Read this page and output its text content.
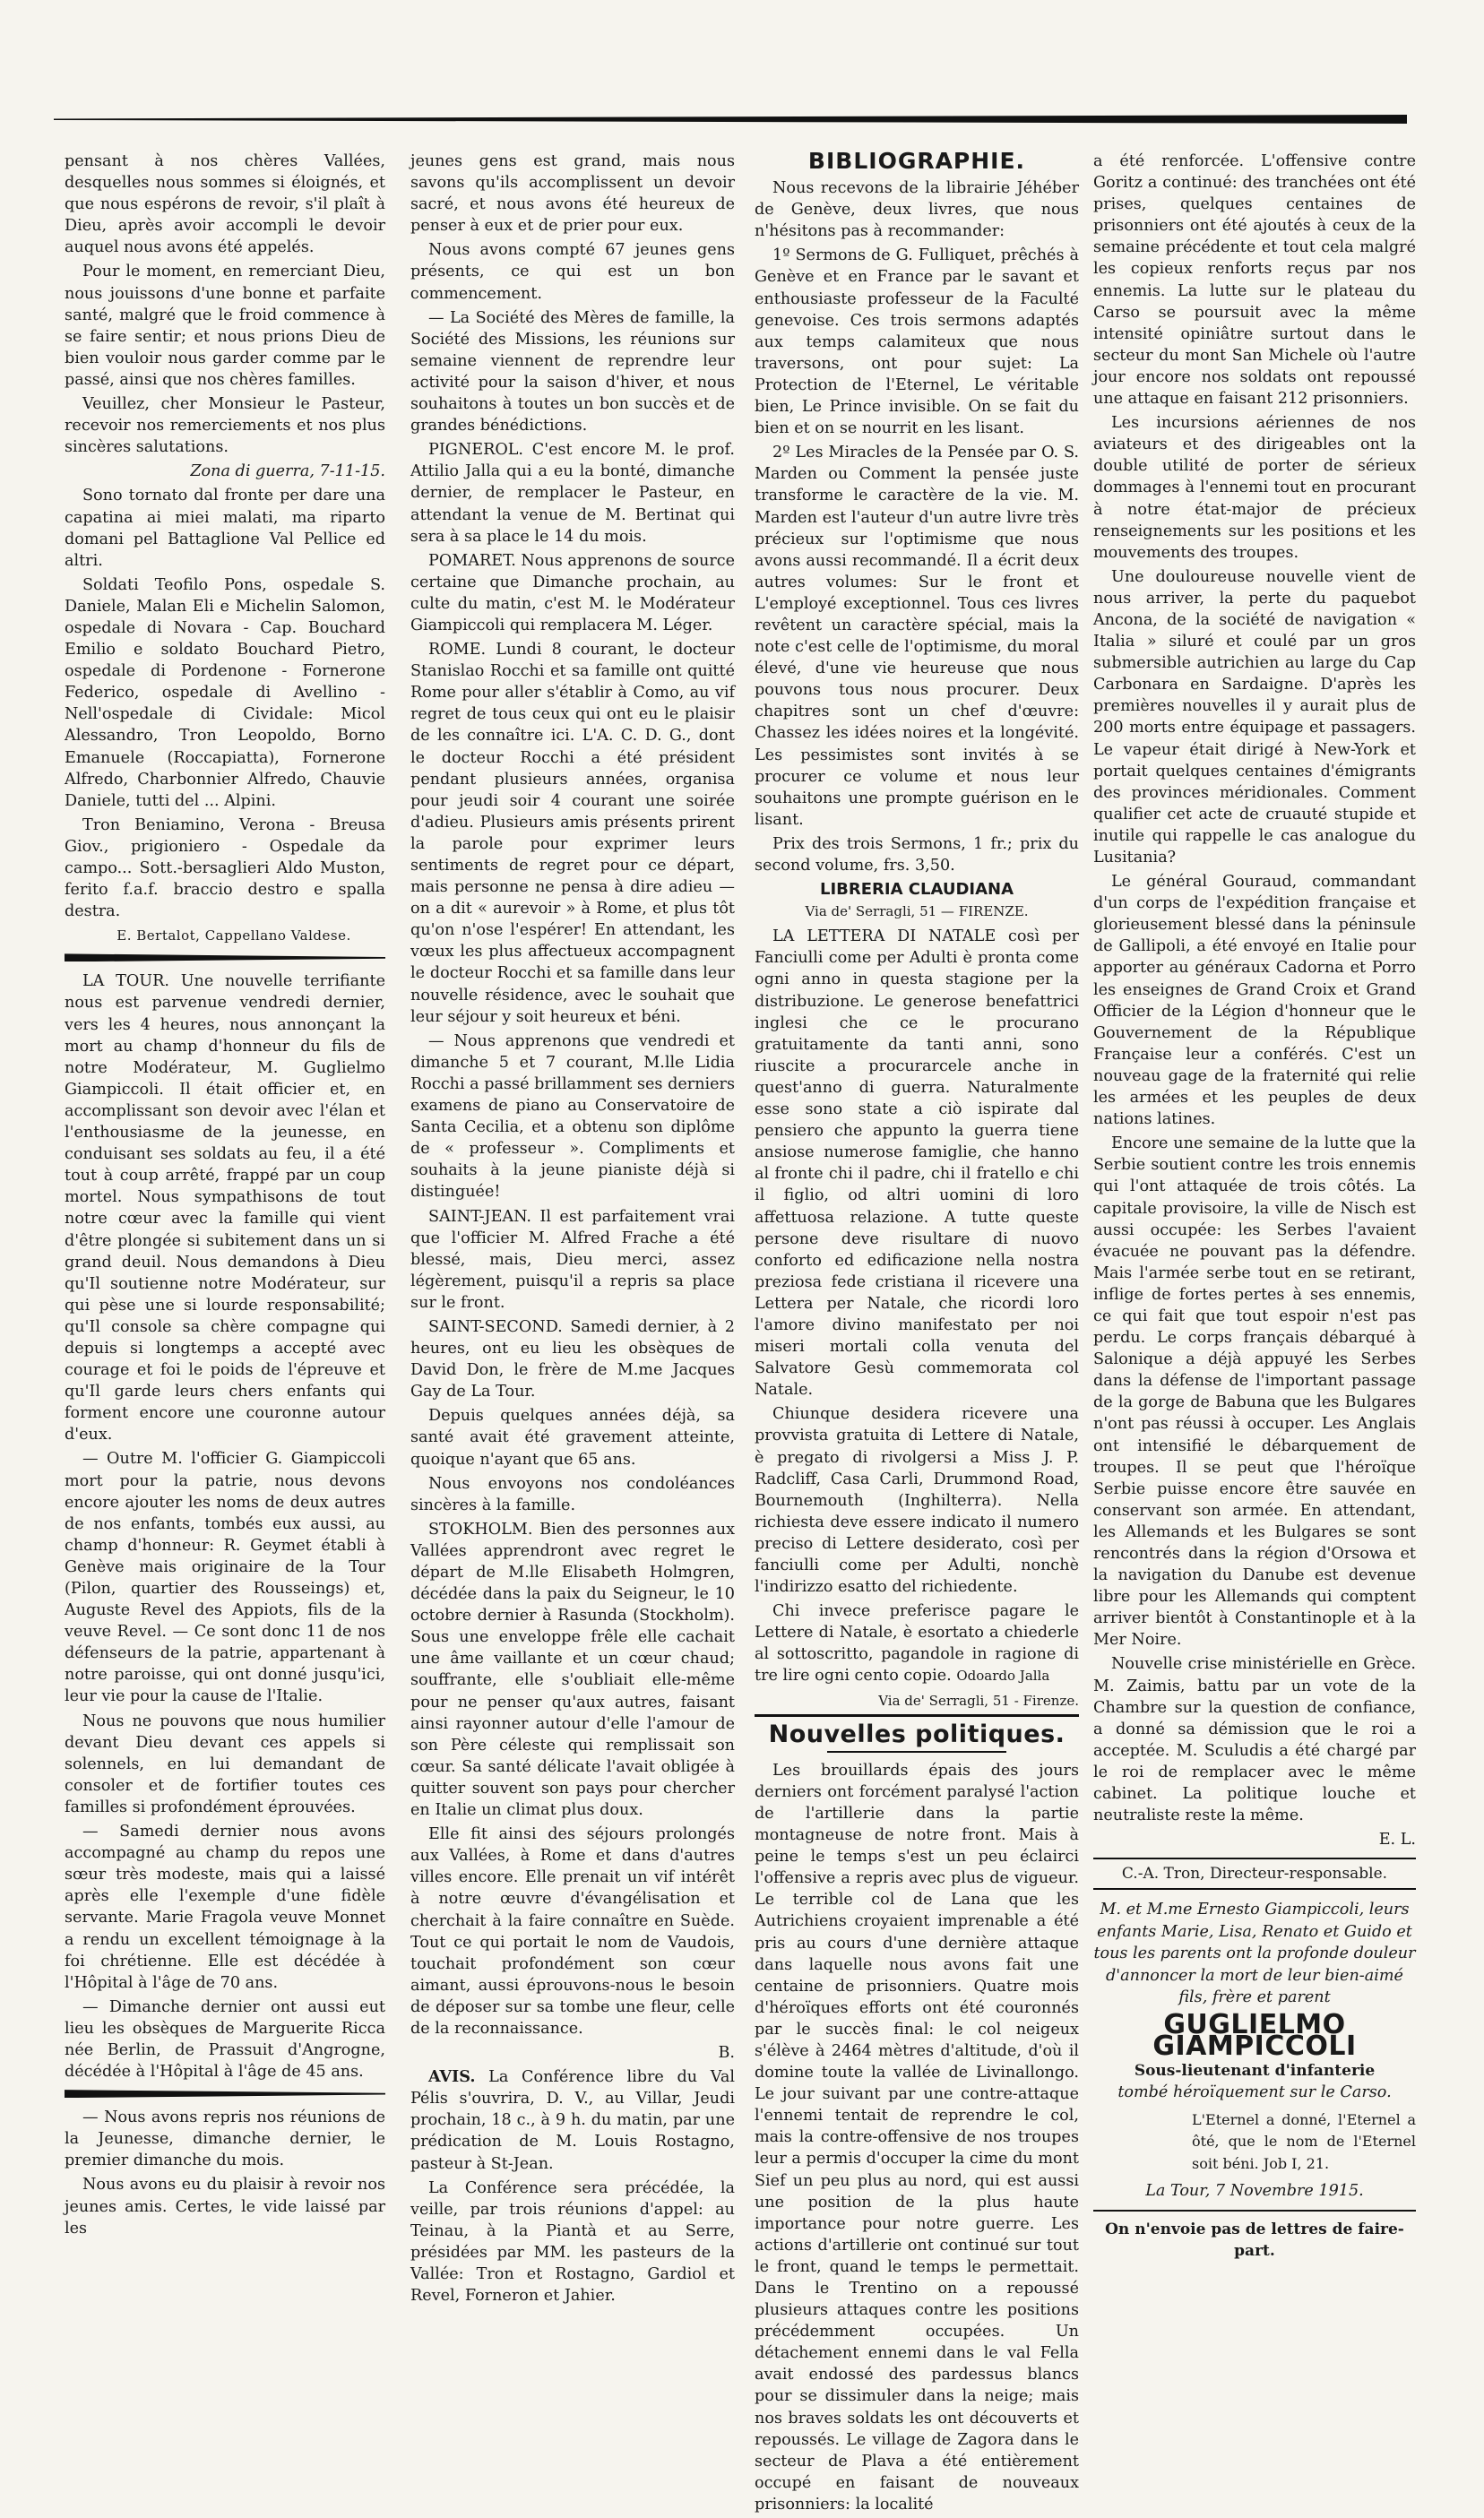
pensant à nos chères Vallées, desquelles nous sommes si éloignés, et que nous espérons de revoir, s'il plaît à Dieu, après avoir accompli le devoir auquel nous avons été appelés.

Pour le moment, en remerciant Dieu, nous jouissons d'une bonne et parfaite santé, malgré que le froid commence à se faire sentir; et nous prions Dieu de bien vouloir nous garder comme par le passé, ainsi que nos chères familles.

Veuillez, cher Monsieur le Pasteur, recevoir nos remerciements et nos plus sincères salutations.

Zona di guerra, 7-11-15.

Sono tornato dal fronte per dare una capatina ai miei malati, ma riparto domani pel Battaglione Val Pellice ed altri.

Soldati Teofilo Pons, ospedale S. Daniele, Malan Eli e Michelin Salomon, ospedale di Novara - Cap. Bouchard Emilio e soldato Bouchard Pietro, ospedale di Pordenone - Fornerone Federico, ospedale di Avellino - Nell'ospedale di Cividale: Micol Alessandro, Tron Leopoldo, Borno Emanuele (Roccapiatta), Fornerone Alfredo, Charbonnier Alfredo, Chauvie Daniele, tutti del ... Alpini.

Tron Beniamino, Verona - Breusa Giov., prigioniero - Ospedale da campo... Sott.-bersaglieri Aldo Muston, ferito f.a.f. braccio destro e spalla destra.

E. Bertalot, Cappellano Valdese.

LA TOUR. Une nouvelle terrifiante nous est parvenue vendredi dernier, vers les 4 heures, nous annonçant la mort au champ d'honneur du fils de notre Modérateur, M. Guglielmo Giampiccoli. Il était officier et, en accomplissant son devoir avec l'élan et l'enthousiasme de la jeunesse, en conduisant ses soldats au feu, il a été tout à coup arrêté, frappé par un coup mortel. Nous sympathisons de tout notre cœur avec la famille qui vient d'être plongée si subitement dans un si grand deuil. Nous demandons à Dieu qu'Il soutienne notre Modérateur, sur qui pèse une si lourde responsabilité; qu'Il console sa chère compagne qui depuis si longtemps a accepté avec courage et foi le poids de l'épreuve et qu'Il garde leurs chers enfants qui forment encore une couronne autour d'eux.

— Outre M. l'officier G. Giampiccoli mort pour la patrie, nous devons encore ajouter les noms de deux autres de nos enfants, tombés eux aussi, au champ d'honneur: R. Geymet établi à Genève mais originaire de la Tour (Pilon, quartier des Rousseings) et, Auguste Revel des Appiots, fils de la veuve Revel. — Ce sont donc 11 de nos défenseurs de la patrie, appartenant à notre paroisse, qui ont donné jusqu'ici, leur vie pour la cause de l'Italie.

Nous ne pouvons que nous humilier devant Dieu devant ces appels si solennels, en lui demandant de consoler et de fortifier toutes ces familles si profondément éprouvées.

— Samedi dernier nous avons accompagné au champ du repos une sœur très modeste, mais qui a laissé après elle l'exemple d'une fidèle servante. Marie Fragola veuve Monnet a rendu un excellent témoignage à la foi chrétienne. Elle est décédée à l'Hôpital à l'âge de 70 ans.

— Dimanche dernier ont aussi eut lieu les obsèques de Marguerite Ricca née Berlin, de Prassuit d'Angrogne, décédée à l'Hôpital à l'âge de 45 ans.

— Nous avons repris nos réunions de la Jeunesse, dimanche dernier, le premier dimanche du mois.

Nous avons eu du plaisir à revoir nos jeunes amis. Certes, le vide laissé par les

jeunes gens est grand, mais nous savons qu'ils accomplissent un devoir sacré, et nous avons été heureux de penser à eux et de prier pour eux.

Nous avons compté 67 jeunes gens présents, ce qui est un bon commencement.

— La Société des Mères de famille, la Société des Missions, les réunions sur semaine viennent de reprendre leur activité pour la saison d'hiver, et nous souhaitons à toutes un bon succès et de grandes bénédictions.

PIGNEROL. C'est encore M. le prof. Attilio Jalla qui a eu la bonté, dimanche dernier, de remplacer le Pasteur, en attendant la venue de M. Bertinat qui sera à sa place le 14 du mois.

POMARET. Nous apprenons de source certaine que Dimanche prochain, au culte du matin, c'est M. le Modérateur Giampiccoli qui remplacera M. Léger.

ROME. Lundi 8 courant, le docteur Stanislao Rocchi et sa famille ont quitté Rome pour aller s'établir à Como, au vif regret de tous ceux qui ont eu le plaisir de les connaître ici. L'A. C. D. G., dont le docteur Rocchi a été président pendant plusieurs années, organisa pour jeudi soir 4 courant une soirée d'adieu. Plusieurs amis présents prirent la parole pour exprimer leurs sentiments de regret pour ce départ, mais personne ne pensa à dire adieu — on a dit « aurevoir » à Rome, et plus tôt qu'on n'ose l'espérer! En attendant, les vœux les plus affectueux accompagnent le docteur Rocchi et sa famille dans leur nouvelle résidence, avec le souhait que leur séjour y soit heureux et béni.

— Nous apprenons que vendredi et dimanche 5 et 7 courant, M.lle Lidia Rocchi a passé brillamment ses derniers examens de piano au Conservatoire de Santa Cecilia, et a obtenu son diplôme de « professeur ». Compliments et souhaits à la jeune pianiste déjà si distinguée!

SAINT-JEAN. Il est parfaitement vrai que l'officier M. Alfred Frache a été blessé, mais, Dieu merci, assez légèrement, puisqu'il a repris sa place sur le front.

SAINT-SECOND. Samedi dernier, à 2 heures, ont eu lieu les obsèques de David Don, le frère de M.me Jacques Gay de La Tour.

Depuis quelques années déjà, sa santé avait été gravement atteinte, quoique n'ayant que 65 ans.

Nous envoyons nos condoléances sincères à la famille.

STOKHOLM. Bien des personnes aux Vallées apprendront avec regret le départ de M.lle Elisabeth Holmgren, décédée dans la paix du Seigneur, le 10 octobre dernier à Rasunda (Stockholm). Sous une enveloppe frêle elle cachait une âme vaillante et un cœur chaud; souffrante, elle s'oubliait elle-même pour ne penser qu'aux autres, faisant ainsi rayonner autour d'elle l'amour de son Père céleste qui remplissait son cœur. Sa santé délicate l'avait obligée à quitter souvent son pays pour chercher en Italie un climat plus doux.

Elle fit ainsi des séjours prolongés aux Vallées, à Rome et dans d'autres villes encore. Elle prenait un vif intérêt à notre œuvre d'évangélisation et cherchait à la faire connaître en Suède. Tout ce qui portait le nom de Vaudois, touchait profondément son cœur aimant, aussi éprouvons-nous le besoin de déposer sur sa tombe une fleur, celle de la reconnaissance.

B.

AVIS. La Conférence libre du Val Pélis s'ouvrira, D. V., au Villar, Jeudi prochain, 18 c., à 9 h. du matin, par une prédication de M. Louis Rostagno, pasteur à St-Jean.

La Conférence sera précédée, la veille, par trois réunions d'appel: au Teinau, à la Piantà et au Serre, présidées par MM. les pasteurs de la Vallée: Tron et Rostagno, Gardiol et Revel, Forneron et Jahier.

BIBLIOGRAPHIE.

Nous recevons de la librairie Jéhéber de Genève, deux livres, que nous n'hésitons pas à recommander:

1º Sermons de G. Fulliquet, prêchés à Genève et en France par le savant et enthousiaste professeur de la Faculté genevoise. Ces trois sermons adaptés aux temps calamiteux que nous traversons, ont pour sujet: La Protection de l'Eternel, Le véritable bien, Le Prince invisible. On se fait du bien et on se nourrit en les lisant.

2º Les Miracles de la Pensée par O. S. Marden ou Comment la pensée juste transforme le caractère de la vie. M. Marden est l'auteur d'un autre livre très précieux sur l'optimisme que nous avons aussi recommandé. Il a écrit deux autres volumes: Sur le front et L'employé exceptionnel. Tous ces livres revêtent un caractère spécial, mais la note c'est celle de l'optimisme, du moral élevé, d'une vie heureuse que nous pouvons tous nous procurer. Deux chapitres sont un chef d'œuvre: Chassez les idées noires et la longévité. Les pessimistes sont invités à se procurer ce volume et nous leur souhaitons une prompte guérison en le lisant.

Prix des trois Sermons, 1 fr.; prix du second volume, frs. 3,50.

LIBRERIA CLAUDIANA
Via de' Serragli, 51 — FIRENZE.

LA LETTERA DI NATALE così per Fanciulli come per Adulti è pronta come ogni anno in questa stagione per la distribuzione. Le generose benefattrici inglesi che ce le procurano gratuitamente da tanti anni, sono riuscite a procurarcele anche in quest'anno di guerra. Naturalmente esse sono state a ciò ispirate dal pensiero che appunto la guerra tiene ansiose numerose famiglie, che hanno al fronte chi il padre, chi il fratello e chi il figlio, od altri uomini di loro affettuosa relazione. A tutte queste persone deve risultare di nuovo conforto ed edificazione nella nostra preziosa fede cristiana il ricevere una Lettera per Natale, che ricordi loro l'amore divino manifestato per noi miseri mortali colla venuta del Salvatore Gesù commemorata col Natale.

Chiunque desidera ricevere una provvista gratuita di Lettere di Natale, è pregato di rivolgersi a Miss J. P. Radcliff, Casa Carli, Drummond Road, Bournemouth (Inghilterra). Nella richiesta deve essere indicato il numero preciso di Lettere desiderato, così per fanciulli come per Adulti, nonchè l'indirizzo esatto del richiedente.

Chi invece preferisce pagare le Lettere di Natale, è esortato a chiederle al sottoscritto, pagandole in ragione di tre lire ogni cento copie. Odoardo Jalla

Via de' Serragli, 51 - Firenze.

Nouvelles politiques.

Les brouillards épais des jours derniers ont forcément paralysé l'action de l'artillerie dans la partie montagneuse de notre front. Mais à peine le temps s'est un peu éclairci l'offensive a repris avec plus de vigueur. Le terrible col de Lana que les Autrichiens croyaient imprenable a été pris au cours d'une dernière attaque dans laquelle nous avons fait une centaine de prisonniers. Quatre mois d'héroïques efforts ont été couronnés par le succès final: le col neigeux s'élève à 2464 mètres d'altitude, d'où il domine toute la vallée de Livinallongo. Le jour suivant par une contre-attaque l'ennemi tentait de reprendre le col, mais la contre-offensive de nos troupes leur a permis d'occuper la cime du mont Sief un peu plus au nord, qui est aussi une position de la plus haute importance pour notre guerre. Les actions d'artillerie ont continué sur tout le front, quand le temps le permettait. Dans le Trentino on a repoussé plusieurs attaques contre les positions précédemment occupées. Un détachement ennemi dans le val Fella avait endossé des pardessus blancs pour se dissimuler dans la neige; mais nos braves soldats les ont découverts et repoussés. Le village de Zagora dans le secteur de Plava a été entièrement occupé en faisant de nouveaux prisonniers: la localité

a été renforcée. L'offensive contre Goritz a continué: des tranchées ont été prises, quelques centaines de prisonniers ont été ajoutés à ceux de la semaine précédente et tout cela malgré les copieux renforts reçus par nos ennemis. La lutte sur le plateau du Carso se poursuit avec la même intensité opiniâtre surtout dans le secteur du mont San Michele où l'autre jour encore nos soldats ont repoussé une attaque en faisant 212 prisonniers.

Les incursions aériennes de nos aviateurs et des dirigeables ont la double utilité de porter de sérieux dommages à l'ennemi tout en procurant à notre état-major de précieux renseignements sur les positions et les mouvements des troupes.

Une douloureuse nouvelle vient de nous arriver, la perte du paquebot Ancona, de la société de navigation « Italia » siluré et coulé par un gros submersible autrichien au large du Cap Carbonara en Sardaigne. D'après les premières nouvelles il y aurait plus de 200 morts entre équipage et passagers. Le vapeur était dirigé à New-York et portait quelques centaines d'émigrants des provinces méridionales. Comment qualifier cet acte de cruauté stupide et inutile qui rappelle le cas analogue du Lusitania?

Le général Gouraud, commandant d'un corps de l'expédition française et glorieusement blessé dans la péninsule de Gallipoli, a été envoyé en Italie pour apporter au généraux Cadorna et Porro les enseignes de Grand Croix et Grand Officier de la Légion d'honneur que le Gouvernement de la République Française leur a conférés. C'est un nouveau gage de la fraternité qui relie les armées et les peuples de deux nations latines.

Encore une semaine de la lutte que la Serbie soutient contre les trois ennemis qui l'ont attaquée de trois côtés. La capitale provisoire, la ville de Nisch est aussi occupée: les Serbes l'avaient évacuée ne pouvant pas la défendre. Mais l'armée serbe tout en se retirant, inflige de fortes pertes à ses ennemis, ce qui fait que tout espoir n'est pas perdu. Le corps français débarqué à Salonique a déjà appuyé les Serbes dans la défense de l'important passage de la gorge de Babuna que les Bulgares n'ont pas réussi à occuper. Les Anglais ont intensifié le débarquement de troupes. Il se peut que l'héroïque Serbie puisse encore être sauvée en conservant son armée. En attendant, les Allemands et les Bulgares se sont rencontrés dans la région d'Orsowa et la navigation du Danube est devenue libre pour les Allemands qui comptent arriver bientôt à Constantinople et à la Mer Noire.

Nouvelle crise ministérielle en Grèce. M. Zaimis, battu par un vote de la Chambre sur la question de confiance, a donné sa démission que le roi a acceptée. M. Sculudis a été chargé par le roi de remplacer avec le même cabinet. La politique louche et neutraliste reste la même.

E. L.

C.-A. Tron, Directeur-responsable.
M. et M.me Ernesto Giampiccoli, leurs enfants Marie, Lisa, Renato et Guido et tous les parents ont la profonde douleur d'annoncer la mort de leur bien-aimé fils, frère et parent
GUGLIELMO GIAMPICCOLI
Sous-lieutenant d'infanterie
tombé héroïquement sur le Carso.
L'Eternel a donné, l'Eternel a ôté, que le nom de l'Eternel soit béni. Job I, 21.
La Tour, 7 Novembre 1915.
On n'envoie pas de lettres de faire-part.
